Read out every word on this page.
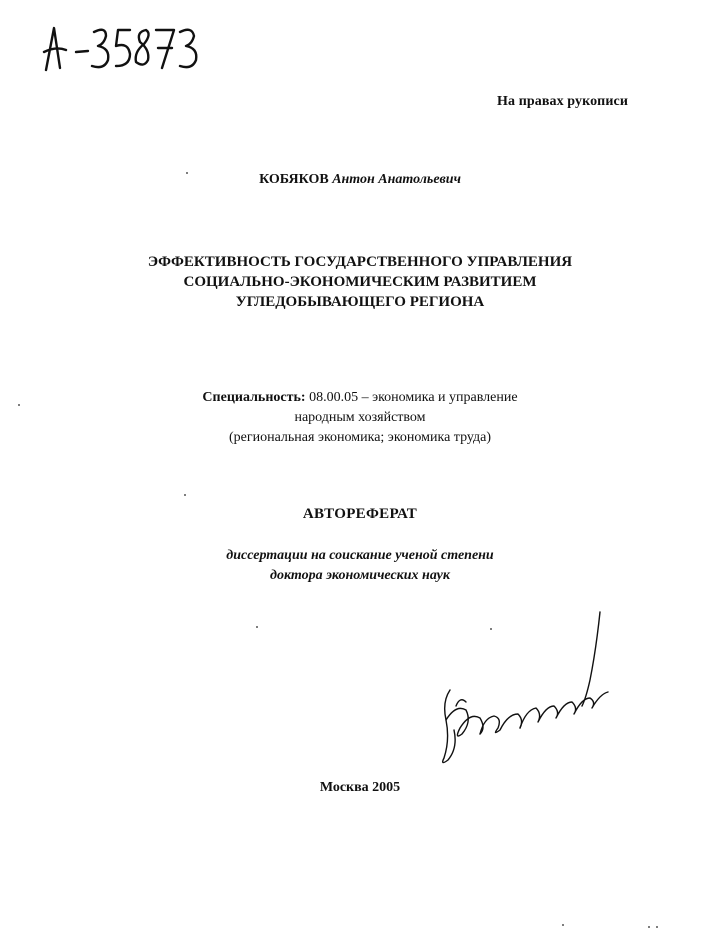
На правах рукописи
КОБЯКОВ Антон Анатольевич
ЭФФЕКТИВНОСТЬ ГОСУДАРСТВЕННОГО УПРАВЛЕНИЯ
СОЦИАЛЬНО-ЭКОНОМИЧЕСКИМ РАЗВИТИЕМ
УГЛЕДОБЫВАЮЩЕГО РЕГИОНА
Специальность: 08.00.05 – экономика и управление
народным хозяйством
(региональная экономика; экономика труда)
АВТОРЕФЕРАТ
диссертации на соискание ученой степени
доктора экономических наук
Москва 2005
